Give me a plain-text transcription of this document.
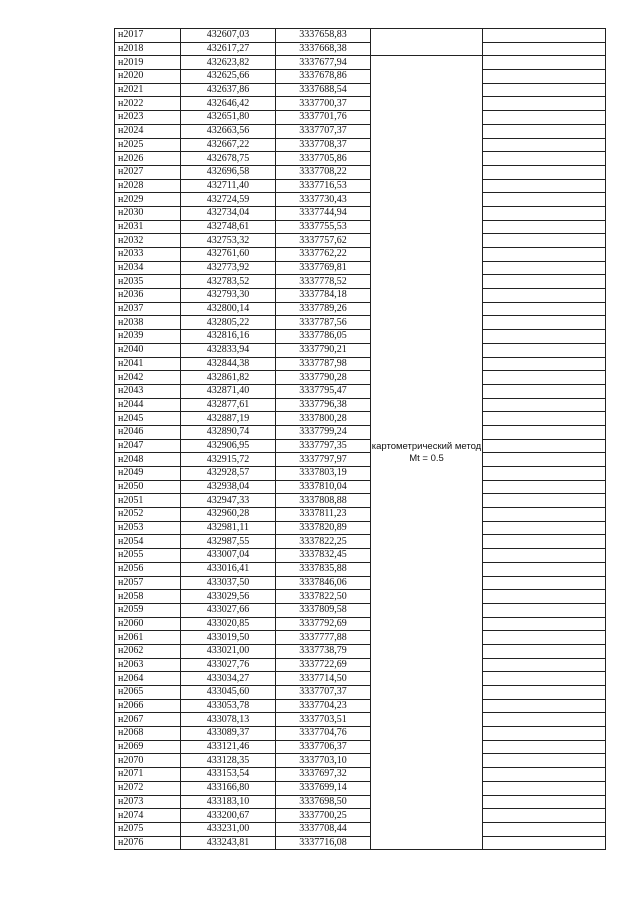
н2017	432607,03	3337658,83		
н2018	432617,27	3337668,38		
н2019	432623,82	3337677,94	картометрический метод Mt = 0.5	
н2020	432625,66	3337678,86		
н2021	432637,86	3337688,54		
н2022	432646,42	3337700,37		
н2023	432651,80	3337701,76		
н2024	432663,56	3337707,37		
н2025	432667,22	3337708,37		
н2026	432678,75	3337705,86		
н2027	432696,58	3337708,22		
н2028	432711,40	3337716,53		
н2029	432724,59	3337730,43		
н2030	432734,04	3337744,94		
н2031	432748,61	3337755,53		
н2032	432753,32	3337757,62		
н2033	432761,60	3337762,22		
н2034	432773,92	3337769,81		
н2035	432783,52	3337778,52		
н2036	432793,30	3337784,18		
н2037	432800,14	3337789,26		
н2038	432805,22	3337787,56		
н2039	432816,16	3337786,05		
н2040	432833,94	3337790,21		
н2041	432844,38	3337787,98		
н2042	432861,82	3337790,28		
н2043	432871,40	3337795,47		
н2044	432877,61	3337796,38		
н2045	432887,19	3337800,28		
н2046	432890,74	3337799,24		
н2047	432906,95	3337797,35		
н2048	432915,72	3337797,97		
н2049	432928,57	3337803,19		
н2050	432938,04	3337810,04		
н2051	432947,33	3337808,88		
н2052	432960,28	3337811,23		
н2053	432981,11	3337820,89		
н2054	432987,55	3337822,25		
н2055	433007,04	3337832,45		
н2056	433016,41	3337835,88		
н2057	433037,50	3337846,06		
н2058	433029,56	3337822,50		
н2059	433027,66	3337809,58		
н2060	433020,85	3337792,69		
н2061	433019,50	3337777,88		
н2062	433021,00	3337738,79		
н2063	433027,76	3337722,69		
н2064	433034,27	3337714,50		
н2065	433045,60	3337707,37		
н2066	433053,78	3337704,23		
н2067	433078,13	3337703,51		
н2068	433089,37	3337704,76		
н2069	433121,46	3337706,37		
н2070	433128,35	3337703,10		
н2071	433153,54	3337697,32		
н2072	433166,80	3337699,14		
н2073	433183,10	3337698,50		
н2074	433200,67	3337700,25		
н2075	433231,00	3337708,44		
н2076	433243,81	3337716,08		
